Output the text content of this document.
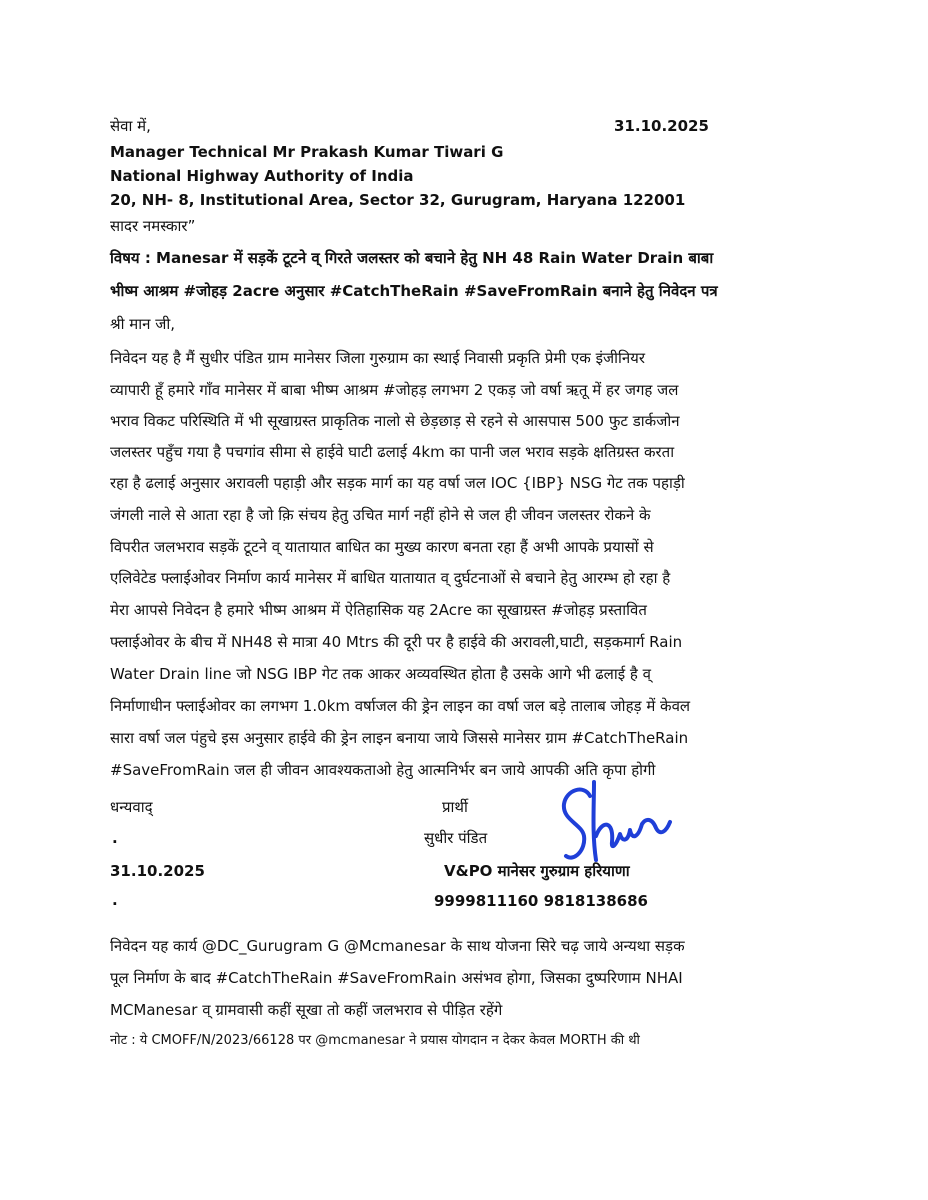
सेवा में,	31.10.2025
Manager Technical Mr Prakash Kumar Tiwari G
National Highway Authority of India
20, NH- 8, Institutional Area, Sector 32, Gurugram, Haryana 122001
सादर नमस्कार”
विषय : Manesar में सड़कें टूटने व् गिरते जलस्तर को बचाने हेतु NH 48 Rain Water Drain बाबा
भीष्म आश्रम #जोहड़ 2acre अनुसार #CatchTheRain #SaveFromRain बनाने हेतु निवेदन पत्र
श्री मान जी,
निवेदन यह है मैं सुधीर पंडित ग्राम मानेसर जिला गुरुग्राम का स्थाई निवासी प्रकृति प्रेमी एक इंजीनियर
व्यापारी हूँ हमारे गाँव मानेसर में बाबा भीष्म आश्रम #जोहड़ लगभग 2 एकड़ जो वर्षा ऋतू में हर जगह जल
भराव विकट परिस्थिति में भी सूखाग्रस्त प्राकृतिक नालो से छेड़छाड़ से रहने से आसपास 500 फुट डार्कजोन
जलस्तर पहुँच गया है पचगांव सीमा से हाईवे घाटी ढलाई 4km का पानी जल भराव सड़के क्षतिग्रस्त करता
रहा है ढलाई अनुसार अरावली पहाड़ी और सड़क मार्ग का यह वर्षा जल IOC {IBP} NSG गेट तक पहाड़ी
जंगली नाले से आता रहा है जो क़ि संचय हेतु उचित मार्ग नहीं होने से जल ही जीवन जलस्तर रोकने के
विपरीत जलभराव सड़कें टूटने व् यातायात बाधित का मुख्य कारण बनता रहा हैं अभी आपके प्रयासों से
एलिवेटेड फ्लाईओवर निर्माण कार्य मानेसर में बाधित यातायात व् दुर्घटनाओं से बचाने हेतु आरम्भ हो रहा है
मेरा आपसे निवेदन है हमारे भीष्म आश्रम में ऐतिहासिक यह 2Acre का सूखाग्रस्त #जोहड़ प्रस्तावित
फ्लाईओवर के बीच में NH48 से मात्रा 40 Mtrs की दूरी पर है हाईवे की अरावली,घाटी, सड़कमार्ग Rain
Water Drain line जो NSG IBP गेट तक आकर अव्यवस्थित होता है उसके आगे भी ढलाई है व्
निर्माणाधीन फ्लाईओवर का लगभग 1.0km वर्षाजल की ड्रेन लाइन का वर्षा जल बड़े तालाब जोहड़ में केवल
सारा वर्षा जल पंहुचे इस अनुसार हाईवे की ड्रेन लाइन बनाया जाये जिससे मानेसर ग्राम #CatchTheRain
#SaveFromRain जल ही जीवन आवश्यकताओ हेतु आत्मनिर्भर बन जाये आपकी अति कृपा होगी
धन्यवाद्	प्रार्थी
.	सुधीर पंडित
31.10.2025	V&PO मानेसर गुरुग्राम हरियाणा
.	9999811160 9818138686
निवेदन यह कार्य @DC_Gurugram G @Mcmanesar के साथ योजना सिरे चढ़ जाये अन्यथा सड़क
पूल निर्माण के बाद #CatchTheRain #SaveFromRain असंभव होगा, जिसका दुष्परिणाम NHAI
MCManesar व् ग्रामवासी कहीं सूखा तो कहीं जलभराव से पीड़ित रहेंगे
नोट : ये CMOFF/N/2023/66128 पर @mcmanesar ने प्रयास योगदान न देकर केवल MORTH की थी
